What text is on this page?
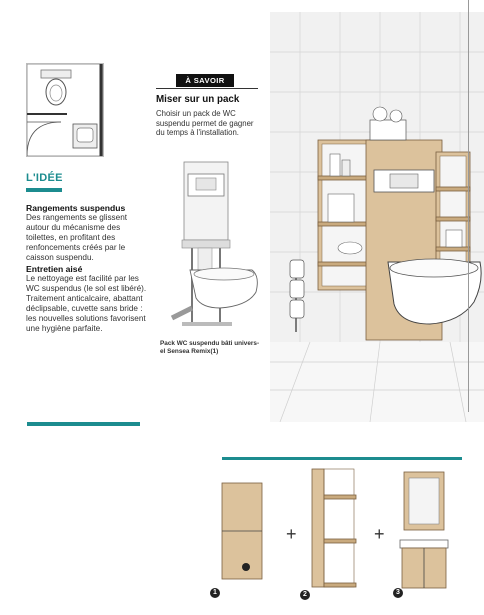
L'IDÉE
Rangements suspendus
Des rangements se glissent autour du mécanisme des toilettes, en profitant des renfoncements créés par le caisson suspendu.
Entretien aisé
Le nettoyage est facilité par les WC suspendus (le sol est libéré). Traitement anticalcaire, abattant déclipsable, cuvette sans bride : les nouvelles solutions favorisent une hygiène parfaite.
À SAVOIR
Miser sur un pack
Choisir un pack de WC suspendu permet de gagner du temps à l'installation.
Pack WC suspendu bâti univers-el Sensea Remix(1)
1
+
2
+
3
